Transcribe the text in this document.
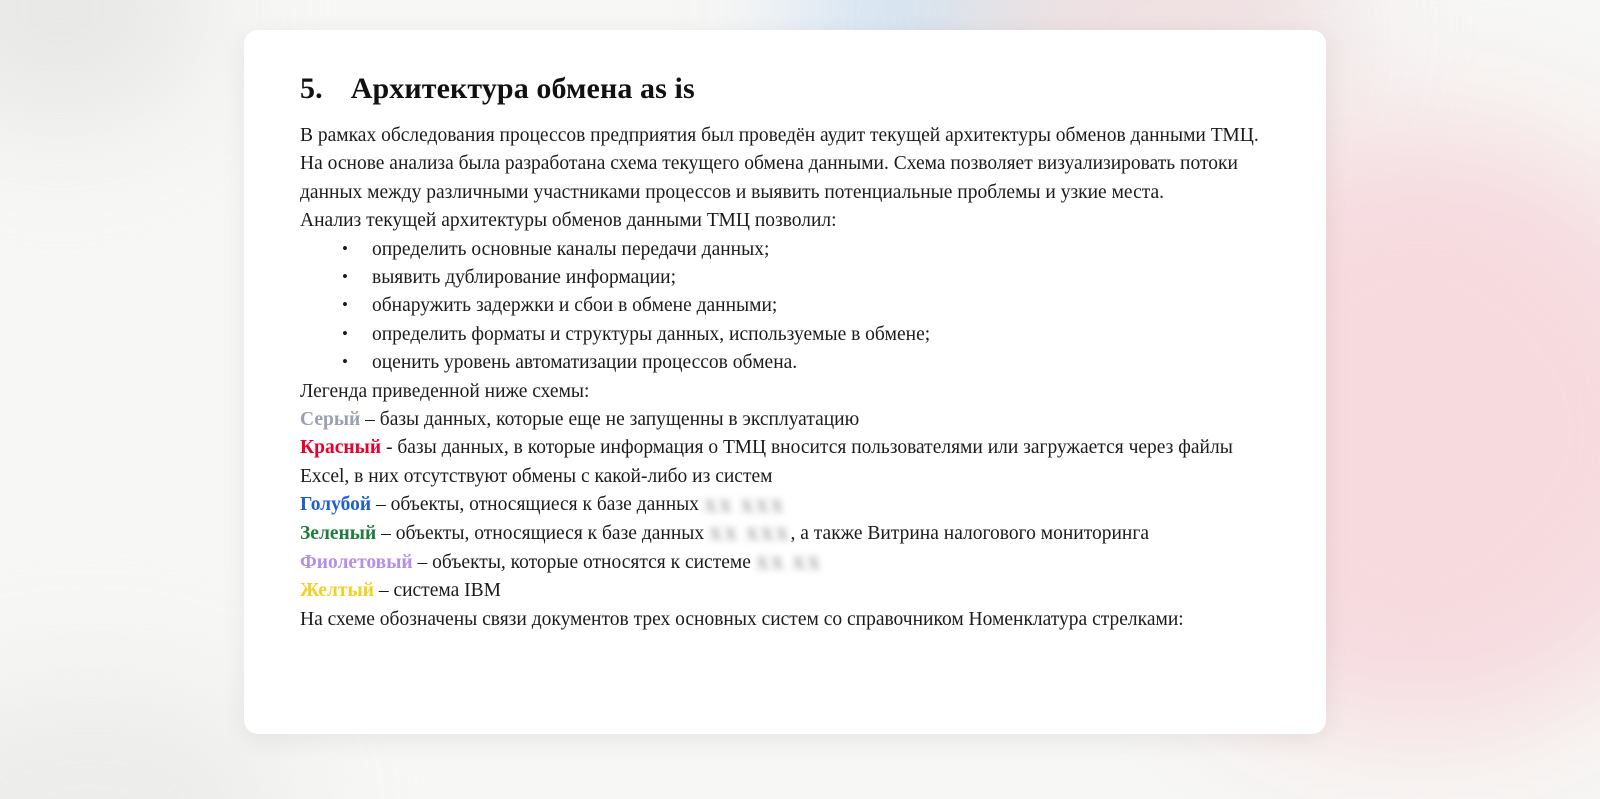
5. Архитектура обмена as is

В рамках обследования процессов предприятия был проведён аудит текущей архитектуры обменов данными ТМЦ.

На основе анализа была разработана схема текущего обмена данными. Схема позволяет визуализировать потоки данных между различными участниками процессов и выявить потенциальные проблемы и узкие места.

Анализ текущей архитектуры обменов данными ТМЦ позволил:

• определить основные каналы передачи данных;
• выявить дублирование информации;
• обнаружить задержки и сбои в обмене данными;
• определить форматы и структуры данных, используемые в обмене;
• оценить уровень автоматизации процессов обмена.

Легенда приведенной ниже схемы:

Серый – базы данных, которые еще не запущенны в эксплуатацию

Красный - базы данных, в которые информация о ТМЦ вносится пользователями или загружается через файлы Excel, в них отсутствуют обмены с какой-либо из систем

Голубой – объекты, относящиеся к базе данных XX XXX

Зеленый – объекты, относящиеся к базе данных XX XXX, а также Витрина налогового мониторинга

Фиолетовый – объекты, которые относятся к системе XX XX

Желтый – система IBM

На схеме обозначены связи документов трех основных систем со справочником Номенклатура стрелками:
